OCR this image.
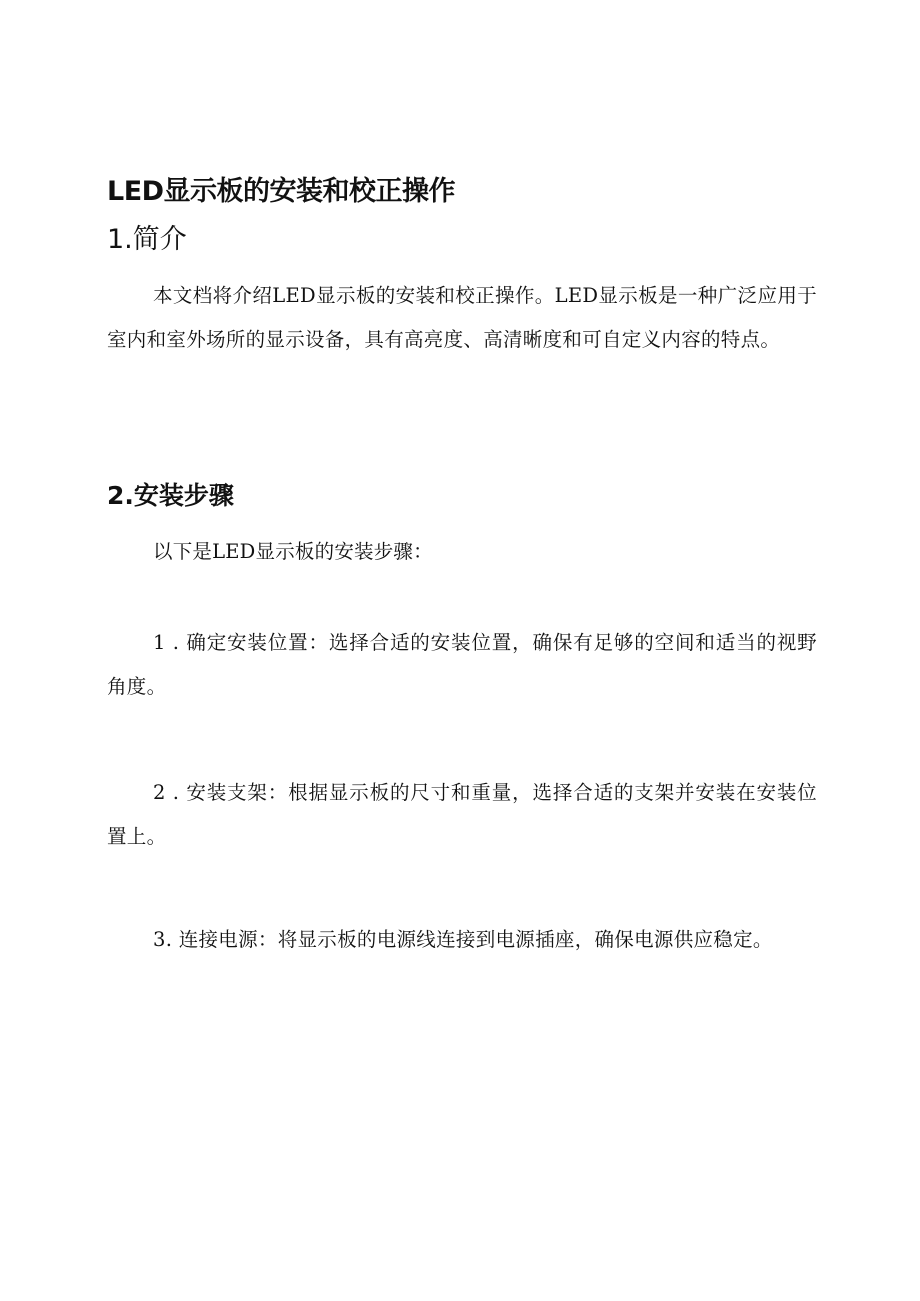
LED显示板的安装和校正操作
1.简介

本文档将介绍LED显示板的安装和校正操作。LED显示板是一种广泛应用于室内和室外场所的显示设备，具有高亮度、高清晰度和可自定义内容的特点。

2.安装步骤

以下是LED显示板的安装步骤：

1 . 确定安装位置：选择合适的安装位置，确保有足够的空间和适当的视野角度。

2 . 安装支架：根据显示板的尺寸和重量，选择合适的支架并安装在安装位置上。

3. 连接电源：将显示板的电源线连接到电源插座，确保电源供应稳定。
